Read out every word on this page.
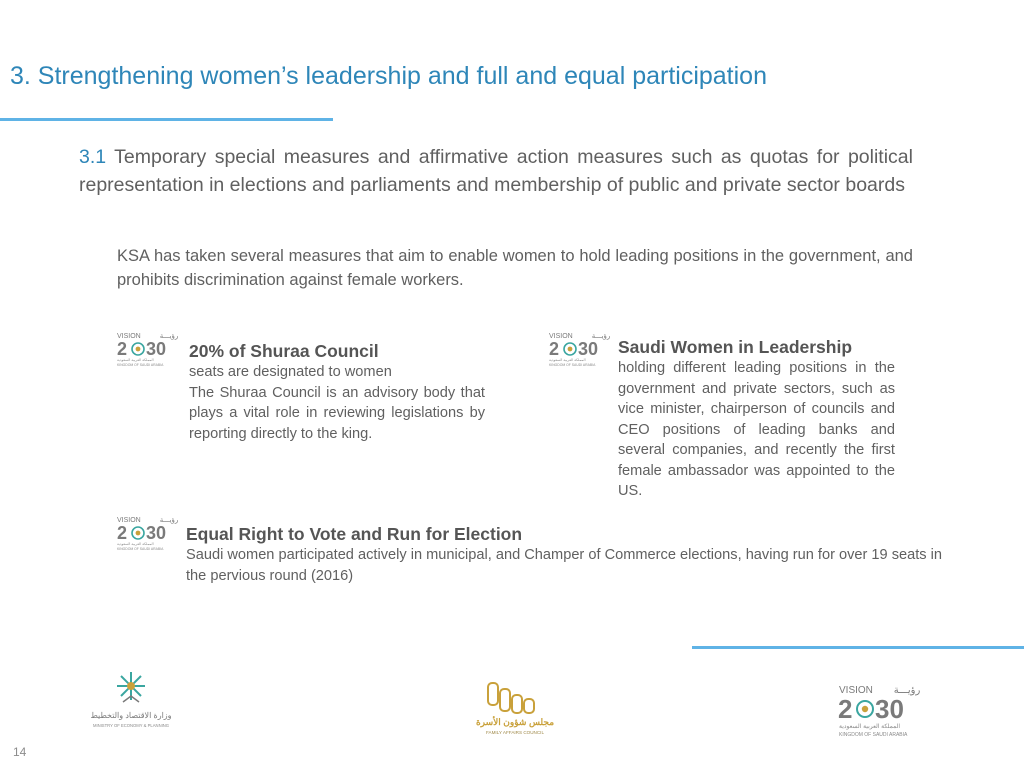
3. Strengthening women’s leadership and full and equal participation
3.1 Temporary special measures and affirmative action measures such as quotas for political representation in elections and parliaments and membership of public and private sector boards
KSA has taken several measures that aim to enable women to hold leading positions in the government, and prohibits discrimination against female workers.
VISION	رؤيـــة
2 30
المملكة العربية السعودية
KINGDOM OF SAUDI ARABIA
VISION	رؤيـــة
2 30
المملكة العربية السعودية
KINGDOM OF SAUDI ARABIA
VISION	رؤيـــة
2 30
المملكة العربية السعودية
KINGDOM OF SAUDI ARABIA
20% of Shuraa Council
seats are designated to women
The Shuraa Council is an advisory body that plays a vital role in reviewing legislations by reporting directly to the king.
Saudi Women in Leadership
holding different leading positions in the government and private sectors, such as vice minister, chairperson of councils and CEO positions of leading banks and several companies, and recently the first female ambassador was appointed to the US.
Equal Right to Vote and Run for Election
Saudi women participated actively in municipal, and Champer of Commerce elections, having run for over 19 seats in the pervious round (2016)
وزارة الاقتصاد والتخطيط
MINISTRY OF ECONOMY & PLANNING	مجلس شؤون الأسرة
FAMILY AFFAIRS COUNCIL
VISION رؤيـــة
2 30
المملكة العربية السعودية
KINGDOM OF SAUDI ARABIA
14
